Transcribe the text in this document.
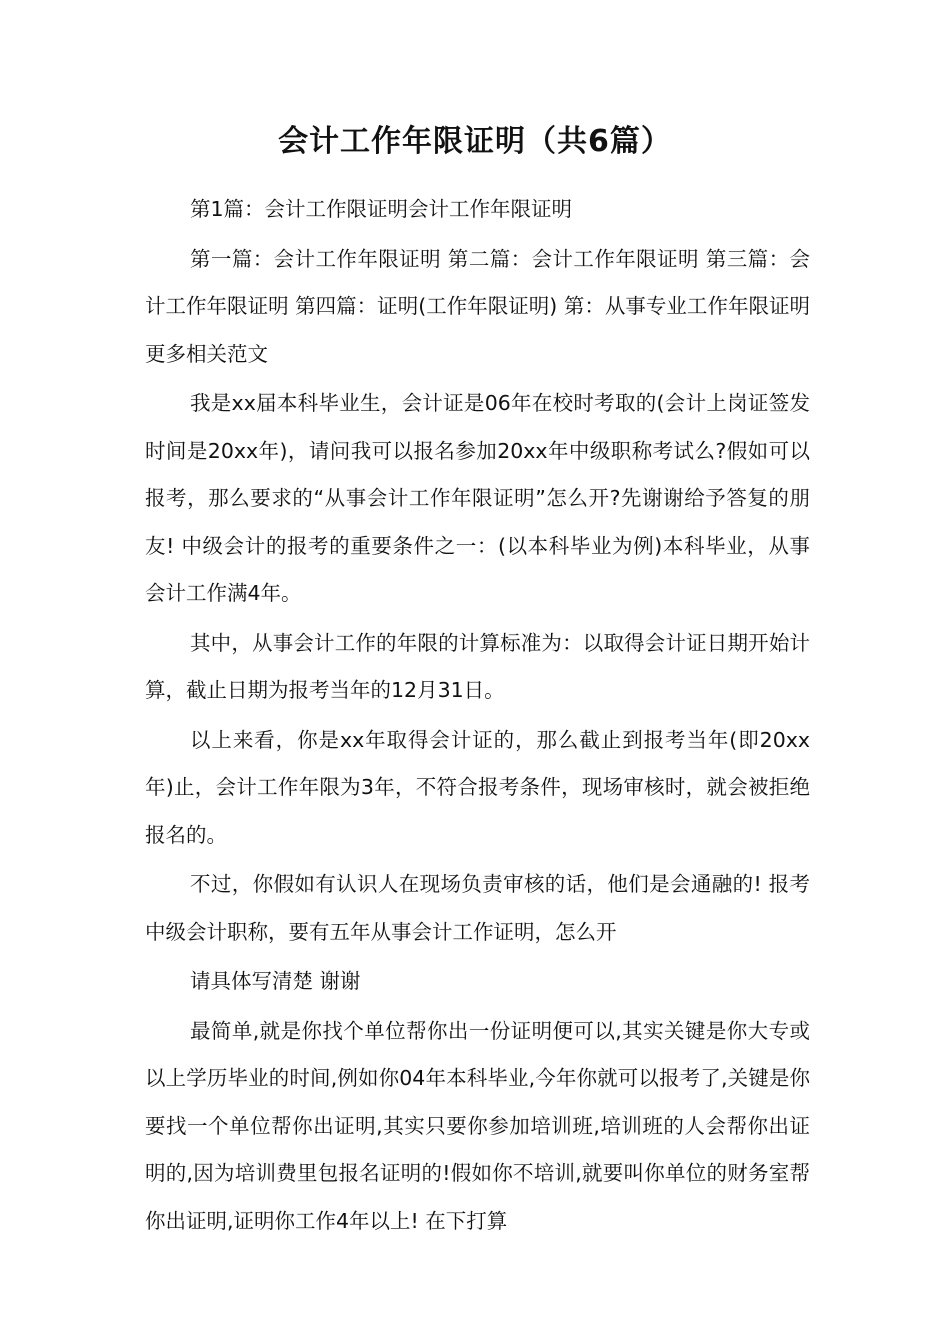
会计工作年限证明（共6篇）

第1篇：会计工作限证明会计工作年限证明

第一篇：会计工作年限证明 第二篇：会计工作年限证明 第三篇：会计工作年限证明 第四篇：证明(工作年限证明) 第：从事专业工作年限证明 更多相关范文

我是xx届本科毕业生，会计证是06年在校时考取的(会计上岗证签发时间是20xx年)，请问我可以报名参加20xx年中级职称考试么?假如可以报考，那么要求的“从事会计工作年限证明”怎么开?先谢谢给予答复的朋友! 中级会计的报考的重要条件之一：(以本科毕业为例)本科毕业，从事会计工作满4年。

其中，从事会计工作的年限的计算标准为：以取得会计证日期开始计算，截止日期为报考当年的12月31日。

以上来看，你是xx年取得会计证的，那么截止到报考当年(即20xx年)止，会计工作年限为3年，不符合报考条件，现场审核时，就会被拒绝报名的。

不过，你假如有认识人在现场负责审核的话，他们是会通融的! 报考中级会计职称，要有五年从事会计工作证明，怎么开

请具体写清楚 谢谢

最简单,就是你找个单位帮你出一份证明便可以,其实关键是你大专或以上学历毕业的时间,例如你04年本科毕业,今年你就可以报考了,关键是你要找一个单位帮你出证明,其实只要你参加培训班,培训班的人会帮你出证明的,因为培训费里包报名证明的!假如你不培训,就要叫你单位的财务室帮你出证明,证明你工作4年以上! 在下打算
